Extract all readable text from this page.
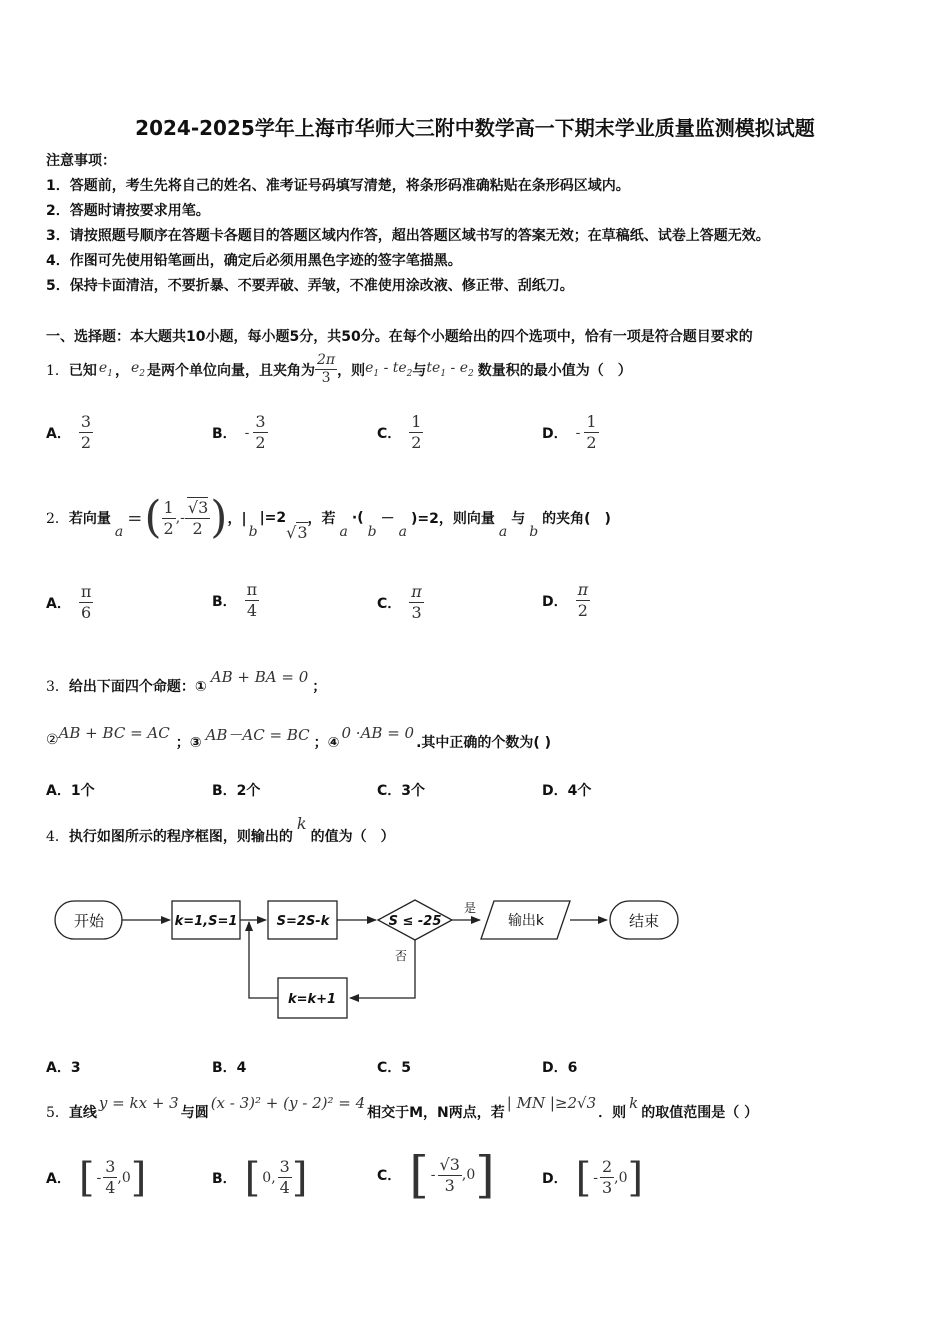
2024-2025学年上海市华师大三附中数学高一下期末学业质量监测模拟试题
注意事项：
1．答题前，考生先将自己的姓名、准考证号码填写清楚，将条形码准确粘贴在条形码区域内。
2．答题时请按要求用笔。
3．请按照题号顺序在答题卡各题目的答题区域内作答，超出答题区域书写的答案无效；在草稿纸、试卷上答题无效。
4．作图可先使用铅笔画出，确定后必须用黑色字迹的签字笔描黑。
5．保持卡面清洁，不要折暴、不要弄破、弄皱，不准使用涂改液、修正带、刮纸刀。
一、选择题：本大题共10小题，每小题5分，共50分。在每个小题给出的四个选项中，恰有一项是符合题目要求的
1． 已知 $e_1$ ， $e_2$ 是两个单位向量，且夹角为 $\frac{2\pi}{3}$ ，则 $e_1 - te_2$ 与 $te_1 - e_2$ 数量积的最小值为（　）
A． $\frac{3}{2}$	B． - $\frac{3}{2}$	C． $\frac{1}{2}$	D． - $\frac{1}{2}$
2． 若向量
a
= ( $\frac{1}{2}$ ,- $\frac{√3}{2}$ ) ，|
b
|=2
√3
，若
a
·(
b
－
a
)=2，则向量
a
与
b
的夹角(　)
A． $\frac{\pi}{6}$	B． $\frac{\pi}{4}$	C． $\frac{\pi}{3}$	D． $\frac{\pi}{2}$
3． 给出下面四个命题：①
AB + BA = 0
；
② AB + BC = AC
；③ AB－AC = BC ；④
0 ·AB = 0
.其中正确的个数为( )
A．1个	B．2个	C．3个	D．4个
4． 执行如图所示的程序框图，则输出的
k
的值为（　）
开始	k=1,S=1	S=2S-k	S ≤ -25
是
输出k	结束
否
k=k+1
A．3	B．4	C．5	D．6
5． 直线
y = kx + 3
与圆
(x - 3)² + (y - 2)² = 4
相交于M，N两点，若
| MN |≥2√3
．则
k
的取值范围是（ ）
A． [ - $\frac{3}{4} ,0$ ]	B． [ 0, $\frac{3}{4}$ ]	C． [ - $\frac{√3}{3} ,0$ ]	D． [ - $\frac{2}{3} ,0$ ]
